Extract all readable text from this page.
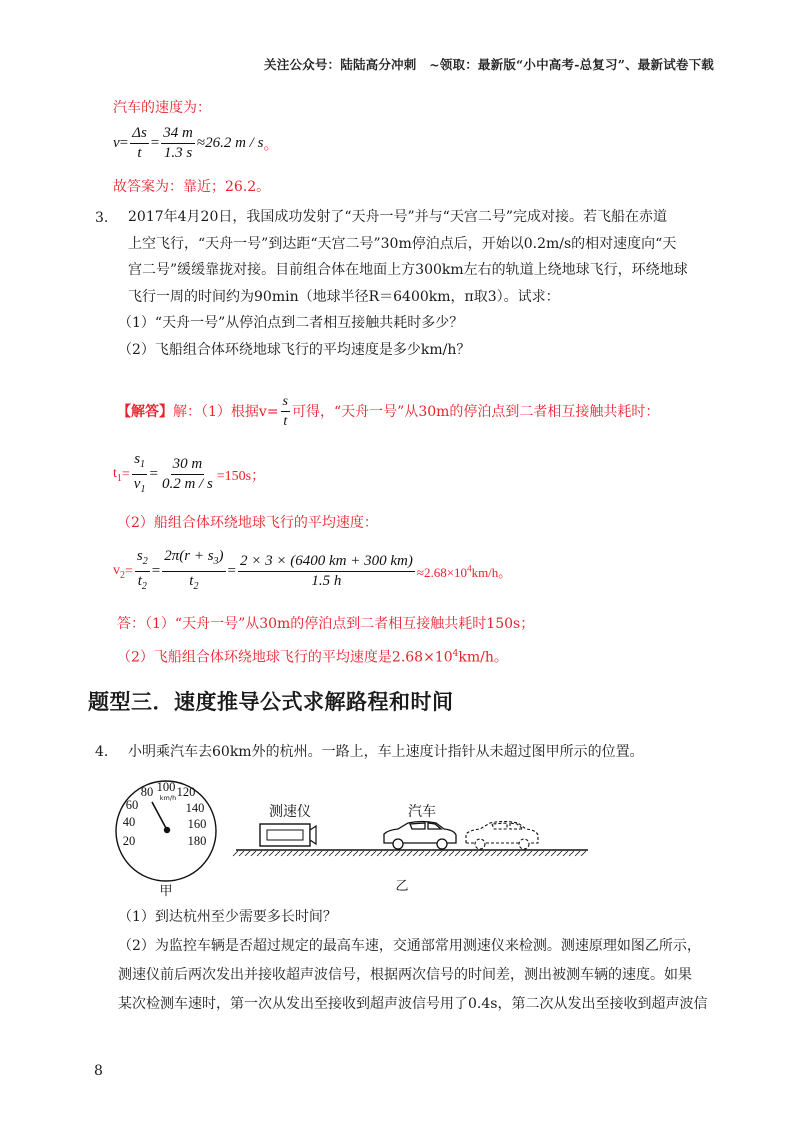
关注公众号：陆陆高分冲刺　~领取：最新版“小中高考-总复习”、最新试卷下载
汽车的速度为：
$v = \frac{\Delta s}{t} = \frac{34 m}{1.3 s} \approx 26.2$ m / s 。
故答案为：靠近；26.2。
3. 2017年4月20日，我国成功发射了“天舟一号”并与“天宫二号”完成对接。若飞船在赤道
上空飞行，“天舟一号”到达距“天宫二号”30m停泊点后，开始以0.2m/s的相对速度向“天
宫二号”缓缓靠拢对接。目前组合体在地面上方300km左右的轨道上绕地球飞行，环绕地球
飞行一周的时间约为90min（地球半径R＝6400km，π取3）。试求：
（1）“天舟一号”从停泊点到二者相互接触共耗时多少？
（2）飞船组合体环绕地球飞行的平均速度是多少km/h？
【解答】 解：（1）根据$v= \frac{s}{t}$ 可得，“天舟一号”从30m的停泊点到二者相互接触共耗时：
$t_1 = \frac{s_1}{v_1} = \frac{30 m}{0.2 m / s} =150s$；
（2）船组合体环绕地球飞行的平均速度：
$v_2 = \frac{s_2}{t_2} = \frac{2\pi(r + s_3)}{t_2} = \frac{2 \times 3 \times (6400 km + 300 km)}{1.5 h} \approx 2.68\times 10^4km/h$。
答：（1）“天舟一号”从30m的停泊点到二者相互接触共耗时150s；
（2）飞船组合体环绕地球飞行的平均速度是$2.68\times 10^4km/h$。
题型三．速度推导公式求解路程和时间
4. 小明乘汽车去60km外的杭州。一路上，车上速度计指针从未超过图甲所示的位置。
20
40
60
80 100 120
140
160
180
km/h
甲
测速仪	汽车
乙
（1）到达杭州至少需要多长时间？
（2）为监控车辆是否超过规定的最高车速，交通部常用测速仪来检测。测速原理如图乙所示，
测速仪前后两次发出并接收超声波信号，根据两次信号的时间差，测出被测车辆的速度。如果
某次检测车速时，第一次从发出至接收到超声波信号用了0.4s，第二次从发出至接收到超声波信
8
